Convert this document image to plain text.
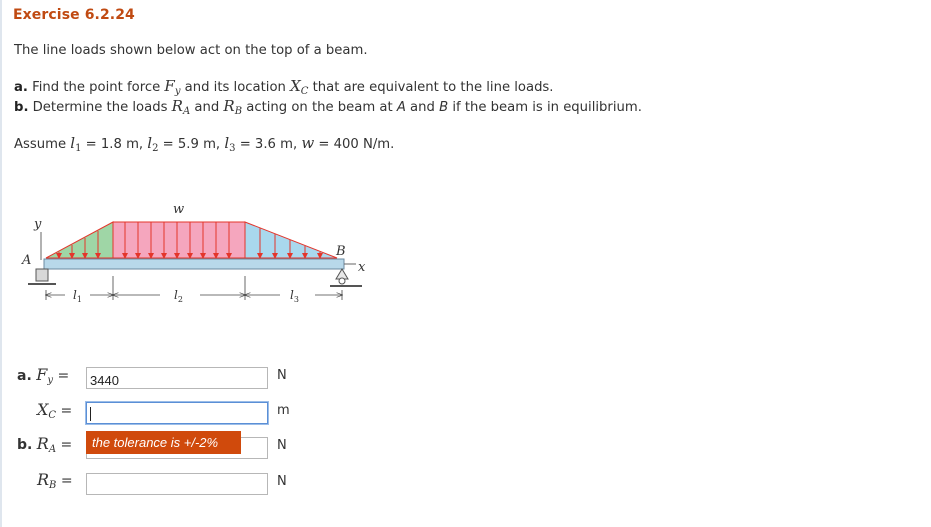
Exercise 6.2.24
The line loads shown below act on the top of a beam.
a. Find the point force $F_y$ and its location $X_C$ that are equivalent to the line loads.
b. Determine the loads $R_A$ and $R_B$ acting on the beam at A and B if the beam is in equilibrium.
Assume $l_1 = 1.8$ m, $l_2 = 5.9$ m, $l_3 = 3.6$ m, w = 400 N/m.
y
w
A
B
x
$l_1$	$l_2$	$l_3$
a. $F_y$ =
3440	N
$X_C$ =	m
b. $R_A$ =	N
the tolerance is +/-2%
$R_B$ =	N
